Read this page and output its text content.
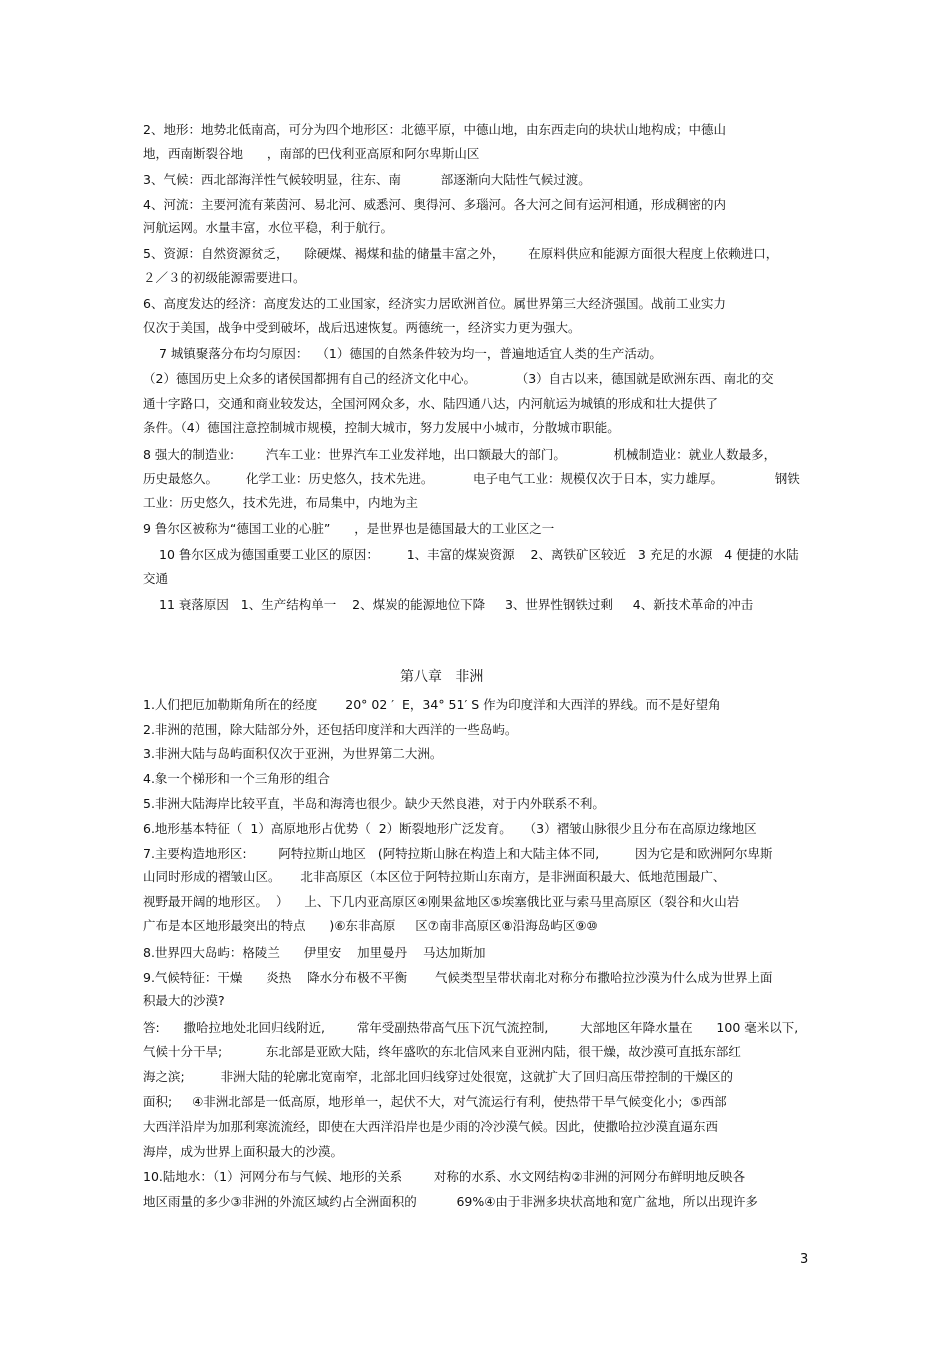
2、地形：地势北低南高，可分为四个地形区：北德平原，中德山地，由东西走向的块状山地构成；中德山
地，西南断裂谷地      ，南部的巴伐利亚高原和阿尔卑斯山区
3、气候：西北部海洋性气候较明显，往东、南          部逐渐向大陆性气候过渡。
4、河流：主要河流有莱茵河、易北河、威悉河、奥得河、多瑙河。各大河之间有运河相通，形成稠密的内
河航运网。水量丰富，水位平稳，利于航行。
5、资源：自然资源贫乏，    除硬煤、褐煤和盐的储量丰富之外，      在原料供应和能源方面很大程度上依赖进口，
２／３的初级能源需要进口。
6、高度发达的经济：高度发达的工业国家，经济实力居欧洲首位。属世界第三大经济强国。战前工业实力
仅次于美国，战争中受到破坏，战后迅速恢复。两德统一，经济实力更为强大。
7 城镇聚落分布均匀原因：  （1）德国的自然条件较为均一，普遍地适宜人类的生产活动。
（2）德国历史上众多的诸侯国都拥有自己的经济文化中心。          （3）自古以来，德国就是欧洲东西、南北的交
通十字路口，交通和商业较发达，全国河网众多，水、陆四通八达，内河航运为城镇的形成和壮大提供了
条件。（4）德国注意控制城市规模，控制大城市，努力发展中小城市，分散城市职能。
8 强大的制造业:        汽车工业：世界汽车工业发祥地，出口额最大的部门。            机械制造业：就业人数最多，
历史最悠久。       化学工业：历史悠久，技术先进。          电子电气工业：规模仅次于日本，实力雄厚。             钢铁
工业：历史悠久，技术先进，布局集中，内地为主
9 鲁尔区被称为“德国工业的心脏”      ，是世界也是德国最大的工业区之一
10 鲁尔区成为德国重要工业区的原因：       1、丰富的煤炭资源    2、离铁矿区较近   3 充足的水源   4 便捷的水陆
交通
11 衰落原因   1、生产结构单一    2、煤炭的能源地位下降     3、世界性钢铁过剩     4、新技术革命的冲击
第八章   非洲
1.人们把厄加勒斯角所在的经度       20° 02 ′  E，34° 51′ S 作为印度洋和大西洋的界线。而不是好望角
2.非洲的范围，除大陆部分外，还包括印度洋和大西洋的一些岛屿。
3.非洲大陆与岛屿面积仅次于亚洲，为世界第二大洲。
4.象一个梯形和一个三角形的组合
5.非洲大陆海岸比较平直，半岛和海湾也很少。缺少天然良港，对于内外联系不利。
6.地形基本特征（  1）高原地形占优势（  2）断裂地形广泛发育。   （3）褶皱山脉很少且分布在高原边缘地区
7.主要构造地形区:        阿特拉斯山地区   (阿特拉斯山脉在构造上和大陆主体不同,         因为它是和欧洲阿尔卑斯
山同时形成的褶皱山区。     北非高原区（本区位于阿特拉斯山东南方，是非洲面积最大、低地范围最广、
视野最开阔的地形区。  ）    上、下几内亚高原区④刚果盆地区⑤埃塞俄比亚与索马里高原区（裂谷和火山岩
广布是本区地形最突出的特点      )⑥东非高原     区⑦南非高原区⑧沿海岛屿区⑨⑩
8.世界四大岛屿：格陵兰      伊里安    加里曼丹    马达加斯加
9.气候特征：干燥      炎热    降水分布极不平衡       气候类型呈带状南北对称分布撒哈拉沙漠为什么成为世界上面
积最大的沙漠?
答:      撒哈拉地处北回归线附近,        常年受副热带高气压下沉气流控制,        大部地区年降水量在      100 毫米以下,
气候十分干旱;           东北部是亚欧大陆，终年盛吹的东北信风来自亚洲内陆，很干燥，故沙漠可直抵东部红
海之滨;         非洲大陆的轮廓北宽南窄，北部北回归线穿过处很宽，这就扩大了回归高压带控制的干燥区的
面积;     ④非洲北部是一低高原，地形单一，起伏不大，对气流运行有利，使热带干旱气候变化小;  ⑤西部
大西洋沿岸为加那利寒流流经，即使在大西洋沿岸也是少雨的冷沙漠气候。因此，使撒哈拉沙漠直逼东西
海岸，成为世界上面积最大的沙漠。
10.陆地水：（1）河网分布与气候、地形的关系        对称的水系、水文网结构②非洲的河网分布鲜明地反映各
地区雨量的多少③非洲的外流区域约占全洲面积的          69%④由于非洲多块状高地和宽广盆地，所以出现许多
3
